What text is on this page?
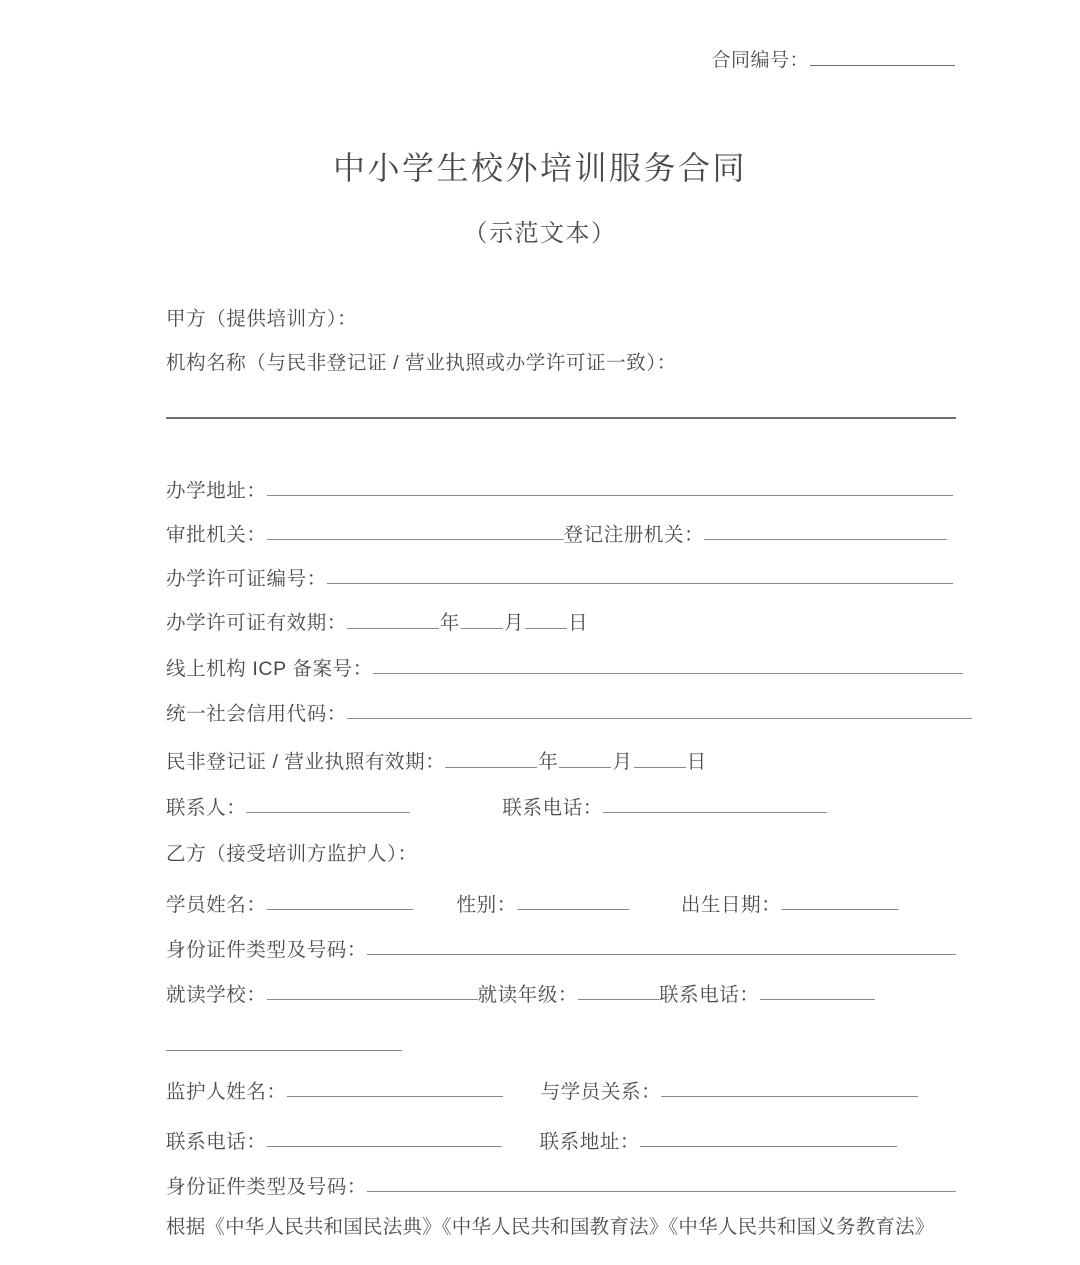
合同编号：
中小学生校外培训服务合同
（示范文本）
甲方（提供培训方）：
机构名称（与民非登记证 / 营业执照或办学许可证一致）：
办学地址：
审批机关：	登记注册机关：
办学许可证编号：
办学许可证有效期：	年 月 日
线上机构 ICP 备案号：
统一社会信用代码：
民非登记证 / 营业执照有效期：	年	月	日
联系人：	联系电话：
乙方（接受培训方监护人）：
学员姓名：	性别：	出生日期：
身份证件类型及号码：
就读学校：	就读年级：	联系电话：
监护人姓名：	与学员关系：
联系电话：	联系地址：
身份证件类型及号码：
根据《中华人民共和国民法典》《中华人民共和国教育法》《中华人民共和国义务教育法》
